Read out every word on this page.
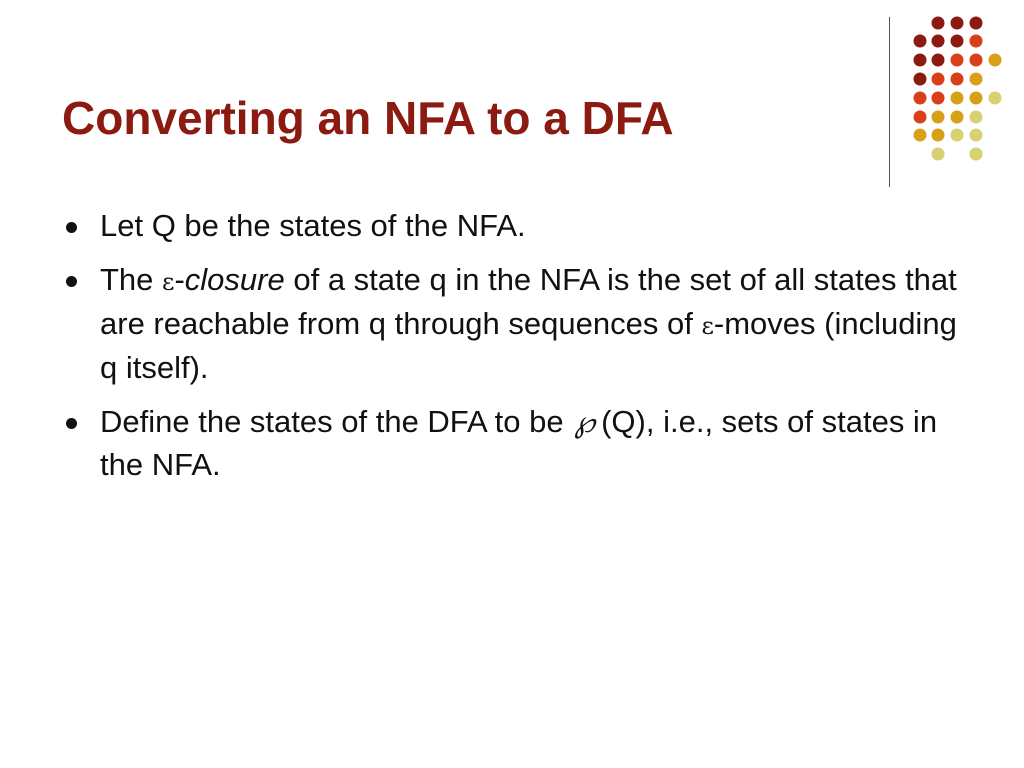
Converting an NFA to a DFA
Let Q be the states of the NFA.
The ε-closure of a state q in the NFA is the set of all states that are reachable from q through sequences of ε-moves (including q itself).
Define the states of the DFA to be ℘ (Q), i.e., sets of states in the NFA.
